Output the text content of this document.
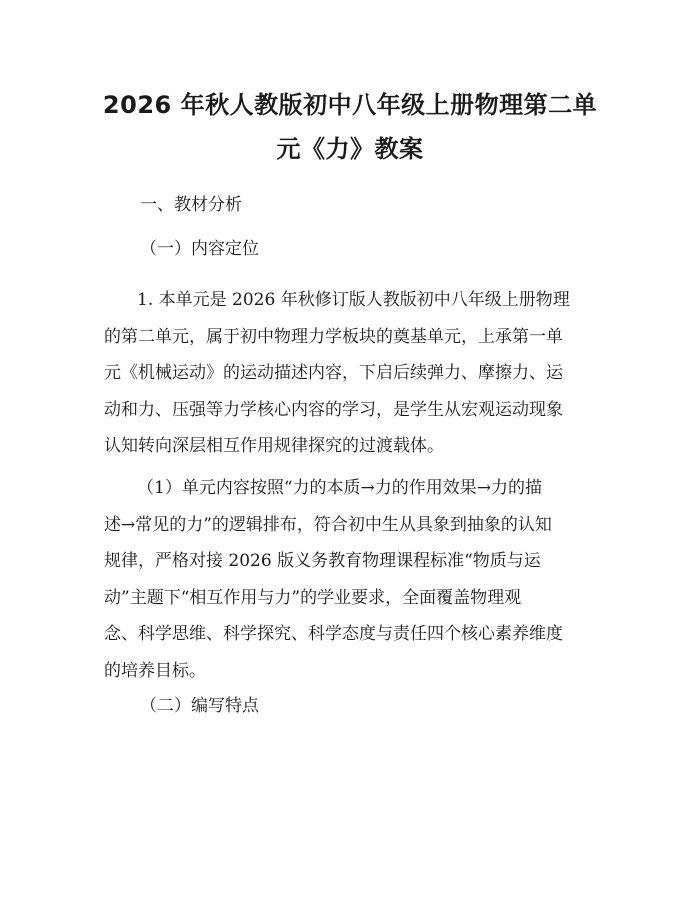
2026 年秋人教版初中八年级上册物理第二单
元《力》教案

一、教材分析

（一）内容定位

1. 本单元是 2026 年秋修订版人教版初中八年级上册物理
的第二单元，属于初中物理力学板块的奠基单元，上承第一单
元《机械运动》的运动描述内容，下启后续弹力、摩擦力、运
动和力、压强等力学核心内容的学习，是学生从宏观运动现象
认知转向深层相互作用规律探究的过渡载体。
（1）单元内容按照“力的本质→力的作用效果→力的描
述→常见的力”的逻辑排布，符合初中生从具象到抽象的认知
规律，严格对接 2026 版义务教育物理课程标准“物质与运
动”主题下“相互作用与力”的学业要求，全面覆盖物理观
念、科学思维、科学探究、科学态度与责任四个核心素养维度
的培养目标。

（二）编写特点
